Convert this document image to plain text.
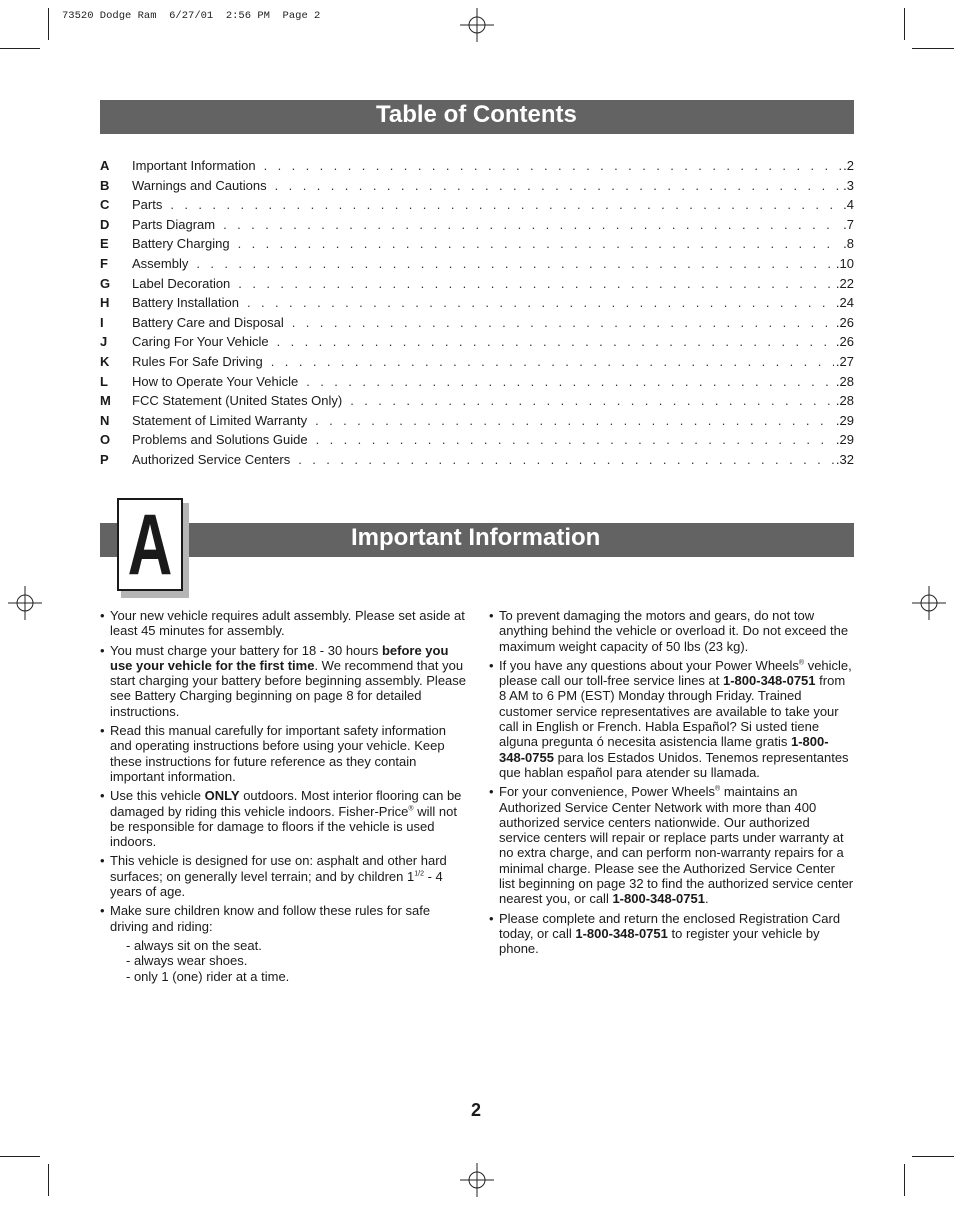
73520 Dodge Ram  6/27/01  2:56 PM  Page 2
Table of Contents
A	Important Information . . .	.2
B	Warnings and Cautions . . .	.3
C	Parts . . .	.4
D	Parts Diagram . . .	.7
E	Battery Charging . . .	.8
F	Assembly . . .	.10
G	Label Decoration . . .	.22
H	Battery Installation . . .	.24
I	Battery Care and Disposal . . .	.26
J	Caring For Your Vehicle . . .	.26
K	Rules For Safe Driving . . .	.27
L	How to Operate Your Vehicle . . .	.28
M	FCC Statement (United States Only) . . .	.28
N	Statement of Limited Warranty . . .	.29
O	Problems and Solutions Guide . . .	.29
P	Authorized Service Centers . . .	.32
Important Information
A
• Your new vehicle requires adult assembly. Please set aside at least 45 minutes for assembly.
• You must charge your battery for 18 - 30 hours before you use your vehicle for the first time. We recommend that you start charging your battery before beginning assembly. Please see Battery Charging beginning on page 8 for detailed instructions.
• Read this manual carefully for important safety information and operating instructions before using your vehicle. Keep these instructions for future reference as they contain important information.
• Use this vehicle ONLY outdoors. Most interior flooring can be damaged by riding this vehicle indoors. Fisher-Price® will not be responsible for damage to floors if the vehicle is used indoors.
• This vehicle is designed for use on: asphalt and other hard surfaces; on generally level terrain; and by children $1^{1/2} - 4$ years of age.
• Make sure children know and follow these rules for safe driving and riding:
- always sit on the seat.
- always wear shoes.
- only 1 (one) rider at a time.
• To prevent damaging the motors and gears, do not tow anything behind the vehicle or overload it. Do not exceed the maximum weight capacity of 50 lbs (23 kg).
• If you have any questions about your Power Wheels® vehicle, please call our toll-free service lines at 1-800-348-0751 from 8 AM to 6 PM (EST) Monday through Friday. Trained customer service representatives are available to take your call in English or French. Habla Español? Si usted tiene alguna pregunta ó necesita asistencia llame gratis 1-800-348-0755 para los Estados Unidos. Tenemos representantes que hablan español para atender su llamada.
• For your convenience, Power Wheels® maintains an Authorized Service Center Network with more than 400 authorized service centers nationwide. Our authorized service centers will repair or replace parts under warranty at no extra charge, and can perform non-warranty repairs for a minimal charge. Please see the Authorized Service Center list beginning on page 32 to find the authorized service center nearest you, or call 1-800-348-0751.
• Please complete and return the enclosed Registration Card today, or call 1-800-348-0751 to register your vehicle by phone.
2
